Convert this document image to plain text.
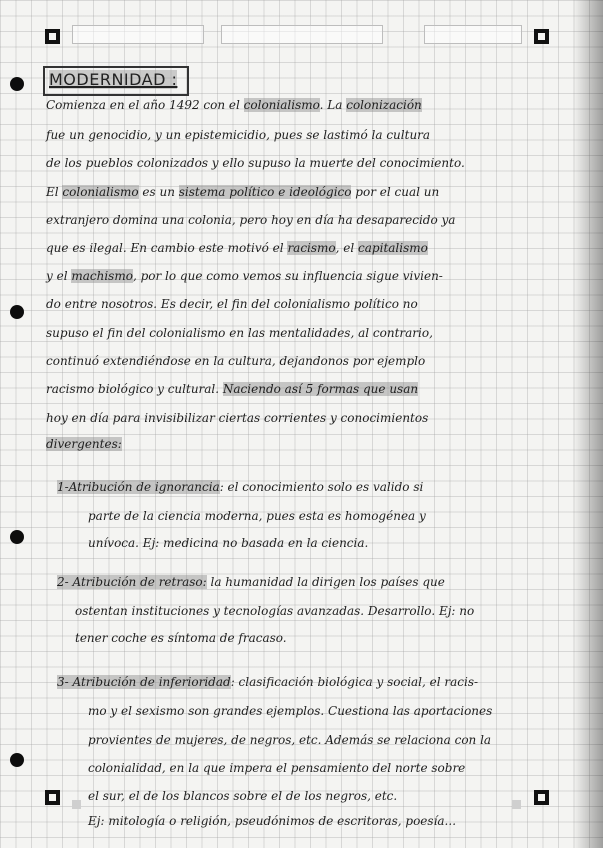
MODERNIDAD :
Comienza en el año 1492 con el colonialismo. La colonización
fue un genocidio, y un epistemicidio, pues se lastimó la cultura
de los pueblos colonizados y ello supuso la muerte del conocimiento.
El colonialismo es un sistema político e ideológico por el cual un
extranjero domina una colonia, pero hoy en día ha desaparecido ya
que es ilegal. En cambio este motivó el racismo, el capitalismo
y el machismo, por lo que como vemos su influencia sigue vivien-
do entre nosotros. Es decir, el fin del colonialismo político no
supuso el fin del colonialismo en las mentalidades, al contrario,
continuó extendiéndose en la cultura, dejandonos por ejemplo
racismo biológico y cultural. Naciendo así 5 formas que usan
hoy en día para invisibilizar ciertas corrientes y conocimientos
divergentes:
1-Atribución de ignorancia: el conocimiento solo es valido si
parte de la ciencia moderna, pues esta es homogénea y
unívoca. Ej: medicina no basada en la ciencia.
2- Atribución de retraso: la humanidad la dirigen los países que
ostentan instituciones y tecnologías avanzadas. Desarrollo. Ej: no
tener coche es síntoma de fracaso.
3- Atribución de inferioridad: clasificación biológica y social, el racis-
mo y el sexismo son grandes ejemplos. Cuestiona las aportaciones
provientes de mujeres, de negros, etc. Además se relaciona con la
colonialidad, en la que impera el pensamiento del norte sobre
el sur, el de los blancos sobre el de los negros, etc.
Ej: mitología o religión, pseudónimos de escritoras, poesía...
